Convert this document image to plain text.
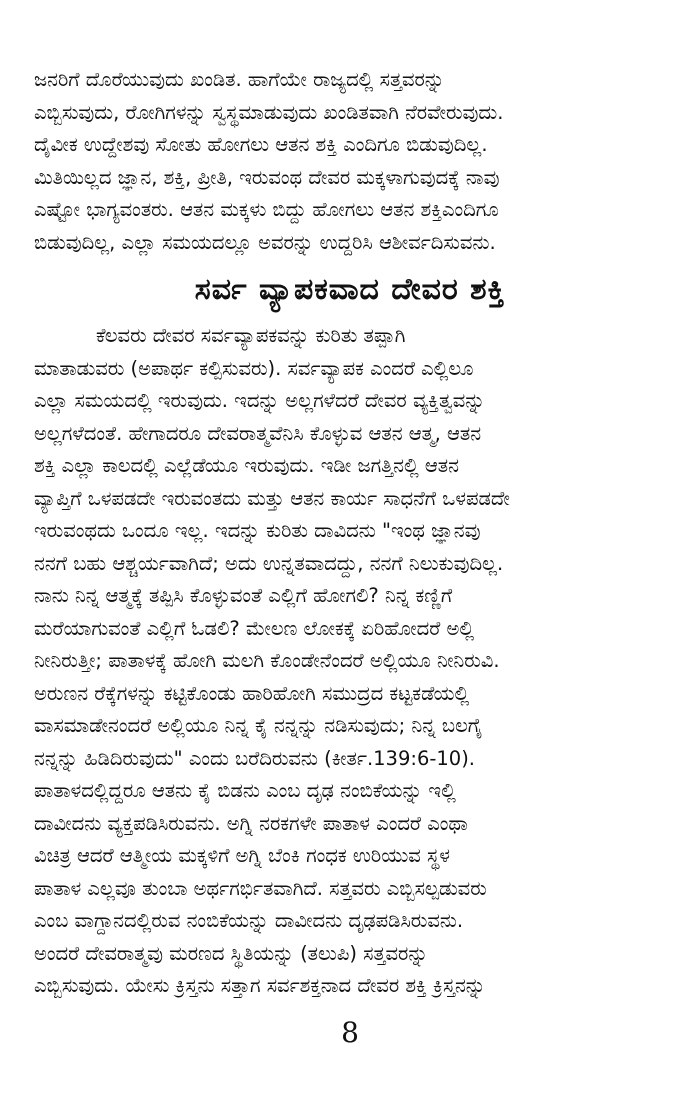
ಜನರಿಗೆ ದೊರೆಯುವುದು ಖಂಡಿತ. ಹಾಗೆಯೇ ರಾಜ್ಯದಲ್ಲಿ ಸತ್ತವರನ್ನು
ಎಬ್ಬಿಸುವುದು, ರೋಗಿಗಳನ್ನು ಸ್ವಸ್ಥಮಾಡುವುದು ಖಂಡಿತವಾಗಿ ನೆರವೇರುವುದು.
ದೈವೀಕ ಉದ್ದೇಶವು ಸೋತು ಹೋಗಲು ಆತನ ಶಕ್ತಿ ಎಂದಿಗೂ ಬಿಡುವುದಿಲ್ಲ.
ಮಿತಿಯಿಲ್ಲದ ಜ್ಞಾನ, ಶಕ್ತಿ, ಪ್ರೀತಿ, ಇರುವಂಥ ದೇವರ ಮಕ್ಕಳಾಗುವುದಕ್ಕೆ ನಾವು
ಎಷ್ಟೋ ಭಾಗ್ಯವಂತರು. ಆತನ ಮಕ್ಕಳು ಬಿದ್ದು ಹೋಗಲು ಆತನ ಶಕ್ತಿಎಂದಿಗೂ
ಬಿಡುವುದಿಲ್ಲ, ಎಲ್ಲಾ ಸಮಯದಲ್ಲೂ ಅವರನ್ನು ಉದ್ದರಿಸಿ ಆಶೀರ್ವದಿಸುವನು.
ಸರ್ವ ವ್ಯಾಪಕವಾದ ದೇವರ ಶಕ್ತಿ
ಕೆಲವರು ದೇವರ ಸರ್ವವ್ಯಾಪಕವನ್ನು ಕುರಿತು ತಪ್ಪಾಗಿ
ಮಾತಾಡುವರು (ಅಪಾರ್ಥ ಕಲ್ಪಿಸುವರು). ಸರ್ವವ್ಯಾಪಕ ಎಂದರೆ ಎಲ್ಲಿಲೂ
ಎಲ್ಲಾ ಸಮಯದಲ್ಲಿ ಇರುವುದು. ಇದನ್ನು ಅಲ್ಲಗಳೆದರೆ ದೇವರ ವ್ಯಕ್ತಿತ್ವವನ್ನು
ಅಲ್ಲಗಳೆದಂತೆ. ಹೇಗಾದರೂ ದೇವರಾತ್ಮವೆನಿಸಿ ಕೊಳ್ಳುವ ಆತನ ಆತ್ಮ, ಆತನ
ಶಕ್ತಿ ಎಲ್ಲಾ ಕಾಲದಲ್ಲಿ ಎಲ್ಲೆಡೆಯೂ ಇರುವುದು. ಇಡೀ ಜಗತ್ತಿನಲ್ಲಿ ಆತನ
ವ್ಯಾಪ್ತಿಗೆ ಒಳಪಡದೇ ಇರುವಂತದು ಮತ್ತು ಆತನ ಕಾರ್ಯ ಸಾಧನೆಗೆ ಒಳಪಡದೇ
ಇರುವಂಥದು ಒಂದೂ ಇಲ್ಲ. ಇದನ್ನು ಕುರಿತು ದಾವಿದನು "ಇಂಥ ಜ್ಞಾನವು
ನನಗೆ ಬಹು ಆಶ್ಚರ್ಯವಾಗಿದೆ; ಅದು ಉನ್ನತವಾದದ್ದು, ನನಗೆ ನಿಲುಕುವುದಿಲ್ಲ.
ನಾನು ನಿನ್ನ ಆತ್ಮಕ್ಕೆ ತಪ್ಪಿಸಿ ಕೊಳ್ಳುವಂತೆ ಎಲ್ಲಿಗೆ ಹೋಗಲಿ? ನಿನ್ನ ಕಣ್ಣಿಗೆ
ಮರೆಯಾಗುವಂತೆ ಎಲ್ಲಿಗೆ ಓಡಲಿ? ಮೇಲಣ ಲೋಕಕ್ಕೆ ಏರಿಹೋದರೆ ಅಲ್ಲಿ
ನೀನಿರುತ್ತೀ; ಪಾತಾಳಕ್ಕೆ ಹೋಗಿ ಮಲಗಿ ಕೊಂಡೇನೆಂದರೆ ಅಲ್ಲಿಯೂ ನೀನಿರುವಿ.
ಅರುಣನ ರೆಕ್ಕೆಗಳನ್ನು ಕಟ್ಟಿಕೊಂಡು ಹಾರಿಹೋಗಿ ಸಮುದ್ರದ ಕಟ್ಟಕಡೆಯಲ್ಲಿ
ವಾಸಮಾಡೇನಂದರೆ ಅಲ್ಲಿಯೂ ನಿನ್ನ ಕೈ ನನ್ನನ್ನು ನಡಿಸುವುದು; ನಿನ್ನ ಬಲಗೈ
ನನ್ನನ್ನು ಹಿಡಿದಿರುವುದು" ಎಂದು ಬರೆದಿರುವನು (ಕೀರ್ತ.139:6-10).
ಪಾತಾಳದಲ್ಲಿದ್ದರೂ ಆತನು ಕೈ ಬಿಡನು ಎಂಬ ದೃಢ ನಂಬಿಕೆಯನ್ನು ಇಲ್ಲಿ
ದಾವೀದನು ವ್ಯಕ್ತಪಡಿಸಿರುವನು. ಅಗ್ನಿ ನರಕಗಳೇ ಪಾತಾಳ ಎಂದರೆ ಎಂಥಾ
ವಿಚಿತ್ರ ಆದರೆ ಆತ್ಮೀಯ ಮಕ್ಕಳಿಗೆ ಅಗ್ನಿ ಬೆಂಕಿ ಗಂಧಕ ಉರಿಯುವ ಸ್ಥಳ
ಪಾತಾಳ ಎಲ್ಲವೂ ತುಂಬಾ ಅರ್ಥಗರ್ಭಿತವಾಗಿದೆ. ಸತ್ತವರು ಎಬ್ಬಿಸಲ್ಪಡುವರು
ಎಂಬ ವಾಗ್ದಾನದಲ್ಲಿರುವ ನಂಬಿಕೆಯನ್ನು ದಾವೀದನು ದೃಢಪಡಿಸಿರುವನು.
ಅಂದರೆ ದೇವರಾತ್ಮವು ಮರಣದ ಸ್ಥಿತಿಯನ್ನು (ತಲುಪಿ) ಸತ್ತವರನ್ನು
ಎಬ್ಬಿಸುವುದು. ಯೇಸು ಕ್ರಿಸ್ತನು ಸತ್ತಾಗ ಸರ್ವಶಕ್ತನಾದ ದೇವರ ಶಕ್ತಿ ಕ್ರಿಸ್ತನನ್ನು
8
